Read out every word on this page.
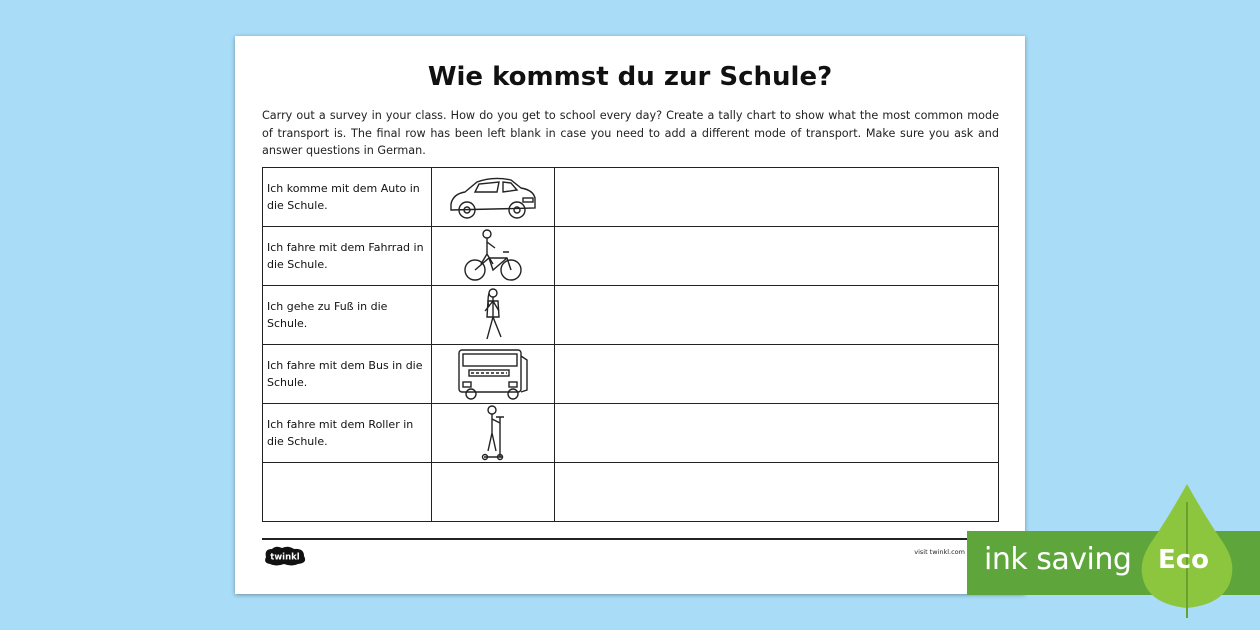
Wie kommst du zur Schule?

Carry out a survey in your class. How do you get to school every day? Create a tally chart to show what the most common mode of transport is. The final row has been left blank in case you need to add a different mode of transport. Make sure you ask and answer questions in German.

Ich komme mit dem Auto in die Schule.	

Ich fahre mit dem Fahrrad in die Schule.	

Ich gehe zu Fuß in die Schule.	

Ich fahre mit dem Bus in die Schule.	

Ich fahre mit dem Roller in die Schule.	

twinkl
visit twinkl.com ink saving Eco
